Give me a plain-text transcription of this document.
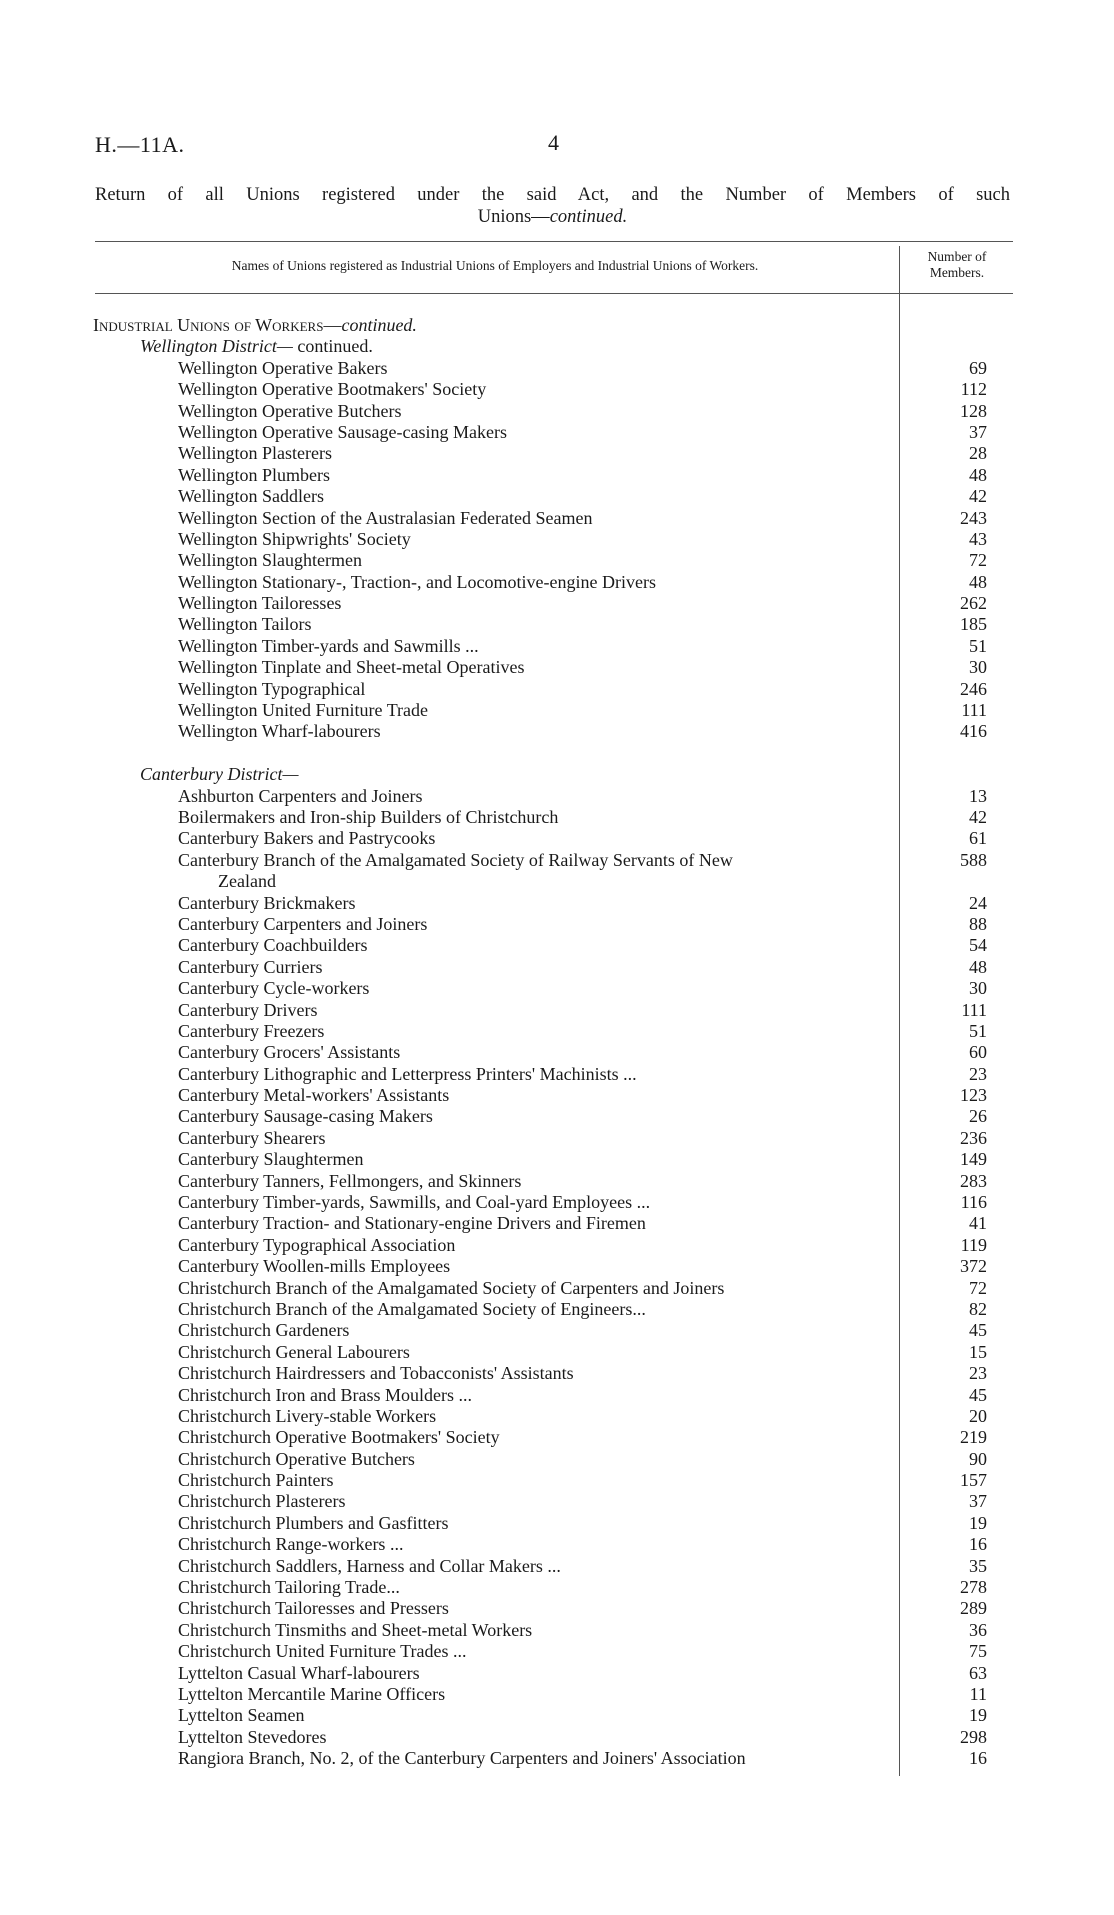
H.—11A.	4
Return of all Unions registered under the said Act, and the Number of Members of such
Unions—continued.
Names of Unions registered as Industrial Unions of Employers and Industrial Unions of Workers.
Number of
Members.
Industrial Unions of Workers—continued.
Wellington District— continued.
Wellington Operative Bakers	69
Wellington Operative Bootmakers' Society	112
Wellington Operative Butchers	128
Wellington Operative Sausage-casing Makers	37
Wellington Plasterers	28
Wellington Plumbers	48
Wellington Saddlers	42
Wellington Section of the Australasian Federated Seamen	243
Wellington Shipwrights' Society	43
Wellington Slaughtermen	72
Wellington Stationary-, Traction-, and Locomotive-engine Drivers	48
Wellington Tailoresses	262
Wellington Tailors	185
Wellington Timber-yards and Sawmills ...	51
Wellington Tinplate and Sheet-metal Operatives	30
Wellington Typographical	246
Wellington United Furniture Trade	111
Wellington Wharf-labourers	416
Canterbury District—
Ashburton Carpenters and Joiners	13
Boilermakers and Iron-ship Builders of Christchurch	42
Canterbury Bakers and Pastrycooks	61
Canterbury Branch of the Amalgamated Society of Railway Servants of New	588
Zealand
Canterbury Brickmakers	24
Canterbury Carpenters and Joiners	88
Canterbury Coachbuilders	54
Canterbury Curriers	48
Canterbury Cycle-workers	30
Canterbury Drivers	111
Canterbury Freezers	51
Canterbury Grocers' Assistants	60
Canterbury Lithographic and Letterpress Printers' Machinists ...	23
Canterbury Metal-workers' Assistants	123
Canterbury Sausage-casing Makers	26
Canterbury Shearers	236
Canterbury Slaughtermen	149
Canterbury Tanners, Fellmongers, and Skinners	283
Canterbury Timber-yards, Sawmills, and Coal-yard Employees ...	116
Canterbury Traction- and Stationary-engine Drivers and Firemen	41
Canterbury Typographical Association	119
Canterbury Woollen-mills Employees	372
Christchurch Branch of the Amalgamated Society of Carpenters and Joiners	72
Christchurch Branch of the Amalgamated Society of Engineers...	82
Christchurch Gardeners	45
Christchurch General Labourers	15
Christchurch Hairdressers and Tobacconists' Assistants	23
Christchurch Iron and Brass Moulders ...	45
Christchurch Livery-stable Workers	20
Christchurch Operative Bootmakers' Society	219
Christchurch Operative Butchers	90
Christchurch Painters	157
Christchurch Plasterers	37
Christchurch Plumbers and Gasfitters	19
Christchurch Range-workers ...	16
Christchurch Saddlers, Harness and Collar Makers ...	35
Christchurch Tailoring Trade...	278
Christchurch Tailoresses and Pressers	289
Christchurch Tinsmiths and Sheet-metal Workers	36
Christchurch United Furniture Trades ...	75
Lyttelton Casual Wharf-labourers	63
Lyttelton Mercantile Marine Officers	11
Lyttelton Seamen	19
Lyttelton Stevedores	298
Rangiora Branch, No. 2, of the Canterbury Carpenters and Joiners' Association	16
